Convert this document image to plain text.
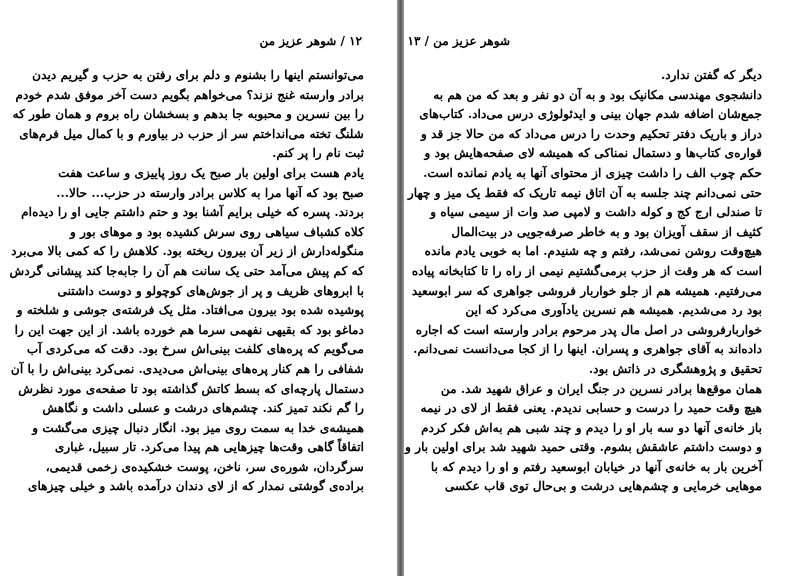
۱۲ / شوهر عزیز من
می‌توانستم اینها را بشنوم و دلم برای رفتن به حزب و گیریم دیدن
برادر وارسته غنج نزند؟ می‌خواهم بگویم دست آخر موفق شدم خودم
را بین نسرین و محبوبه جا بدهم و بسخشان راه بروم و همان طور که
شلنگ تخته می‌انداختم سر از حزب در بیاورم و با کمال میل فرم‌های
ثبت نام را پر کنم.
یادم هست برای اولین بار صبح یک روز پاییزی و ساعت هفت
صبح بود که آنها مرا به کلاس برادر وارسته در حزب... حالا...
بردند. پسره که خیلی برایم آشنا بود و حتم داشتم جایی او را دیده‌ام
کلاه کشباف سیاهی روی سرش کشیده بود و موهای بور و
منگوله‌دارش از زیر آن بیرون ریخته بود. کلاهش را که کمی بالا می‌برد
که کم پیش می‌آمد حتی یک سانت هم آن را جابه‌جا کند پیشانی گردش
با ابروهای ظریف و پر از جوش‌های کوچولو و دوست داشتنی
پوشیده شده بود بیرون می‌افتاد. مثل یک فرشته‌ی جوشی و شلخته و
دماغو بود که بقیهی نفهمی سرما هم خورده باشد. از این جهت این را
می‌گویم که پره‌های کلفت بینی‌اش سرخ بود. دقت که می‌کردی آب
شفافی را هم کنار پره‌های بینی‌اش می‌دیدی. نمی‌کرد بینی‌اش را با آن
دستمال پارچه‌ای که بسط کاتش گذاشته بود تا صفحه‌ی مورد نظرش
را گم نکند تمیز کند. چشم‌های درشت و عسلی داشت و نگاهش
همیشه‌ی خدا به سمت روی میز بود. انگار دنبال چیزی می‌گشت و
اتفاقاً گاهی وقت‌ها چیزهایی هم پیدا می‌کرد. تار سبیل، غباری
سرگردان، شوره‌ی سر، ناخن، پوست خشکیده‌ی زخمی قدیمی،
براده‌ی گوشتی نمدار که از لای دندان درآمده باشد و خیلی چیزهای
شوهر عزیز من / ۱۳
دیگر که گفتن ندارد.
دانشجوی مهندسی مکانیک بود و به آن دو نفر و بعد که من هم به
جمع‌شان اضافه شدم جهان بینی و ایدئولوژی درس می‌داد. کتاب‌های
دراز و باریک دفتر تحکیم وحدت را درس می‌داد که من حالا جز قد و
قواره‌ی کتاب‌ها و دستمال نمناکی که همیشه لای صفحه‌هایش بود و
حکم چوب الف را داشت چیزی از محتوای آنها به یادم نمانده است.
حتی نمی‌دانم چند جلسه به آن اتاق نیمه تاریک که فقط یک میز و چهار
تا صندلی ارج کج و کوله داشت و لامپی صد وات از سیمی سیاه و
کثیف از سقف آویزان بود و به خاطر صرفه‌جویی در بیت‌المال
هیچ‌وقت روشن نمی‌شد، رفتم و چه شنیدم. اما به خوبی یادم مانده
است که هر وقت از حزب برمی‌گشتیم نیمی از راه را تا کتابخانه پیاده
می‌رفتیم. همیشه هم از جلو خواربار فروشی جواهری که سر ابوسعید
بود رد می‌شدیم. همیشه هم نسرین یادآوری می‌کرد که این
خواربارفروشی در اصل مال پدر مرحوم برادر وارسته است که اجاره
داده‌اند به آقای جواهری و پسران. اینها را از کجا می‌دانست نمی‌دانم.
تحقیق و پژوهشگری در ذاتش بود.
همان موقع‌ها برادر نسرین در جنگ ایران و عراق شهید شد. من
هیچ وقت حمید را درست و حسابی ندیدم. یعنی فقط از لای در نیمه
باز خانه‌ی آنها دو سه بار او را دیدم و چند شبی هم به‌اش فکر کردم
و دوست داشتم عاشقش بشوم. وقتی حمید شهید شد برای اولین بار و
آخرین بار به خانه‌ی آنها در خیابان ابوسعید رفتم و او را دیدم که با
موهایی خرمایی و چشم‌هایی درشت و بی‌حال توی قاب عکسی
